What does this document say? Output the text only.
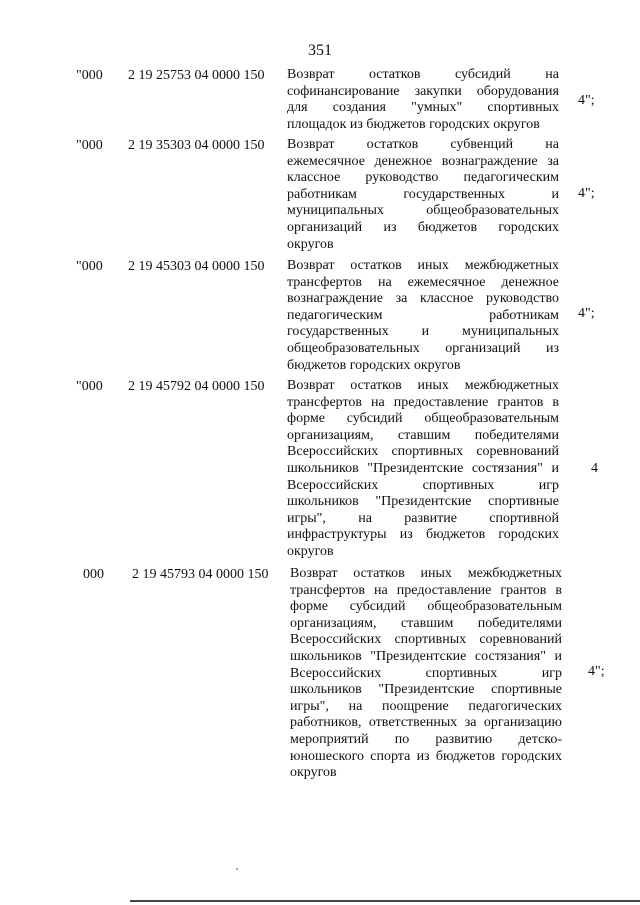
351
"000 2 19 25753 04 0000 150 Возврат остатков субсидий на
софинансирование закупки оборудования
для создания "умных" спортивных
площадок из бюджетов городских округов
4";
"000 2 19 35303 04 0000 150 Возврат остатков субвенций на
ежемесячное денежное вознаграждение за
классное руководство педагогическим
работникам государственных и
муниципальных общеобразовательных
организаций из бюджетов городских
округов
4";
"000 2 19 45303 04 0000 150 Возврат остатков иных межбюджетных
трансфертов на ежемесячное денежное
вознаграждение за классное руководство
педагогическим работникам
государственных и муниципальных
общеобразовательных организаций из
бюджетов городских округов
4";
"000 2 19 45792 04 0000 150 Возврат остатков иных межбюджетных
трансфертов на предоставление грантов в
форме субсидий общеобразовательным
организациям, ставшим победителями
Всероссийских спортивных соревнований
школьников "Президентские состязания" и
Всероссийских спортивных игр
школьников "Президентские спортивные
игры", на развитие спортивной
инфраструктуры из бюджетов городских
округов
4
000 2 19 45793 04 0000 150 Возврат остатков иных межбюджетных
трансфертов на предоставление грантов в
форме субсидий общеобразовательным
организациям, ставшим победителями
Всероссийских спортивных соревнований
школьников "Президентские состязания" и
Всероссийских спортивных игр
школьников "Президентские спортивные
игры", на поощрение педагогических
работников, ответственных за организацию
мероприятий по развитию детско-
юношеского спорта из бюджетов городских
округов
4";
